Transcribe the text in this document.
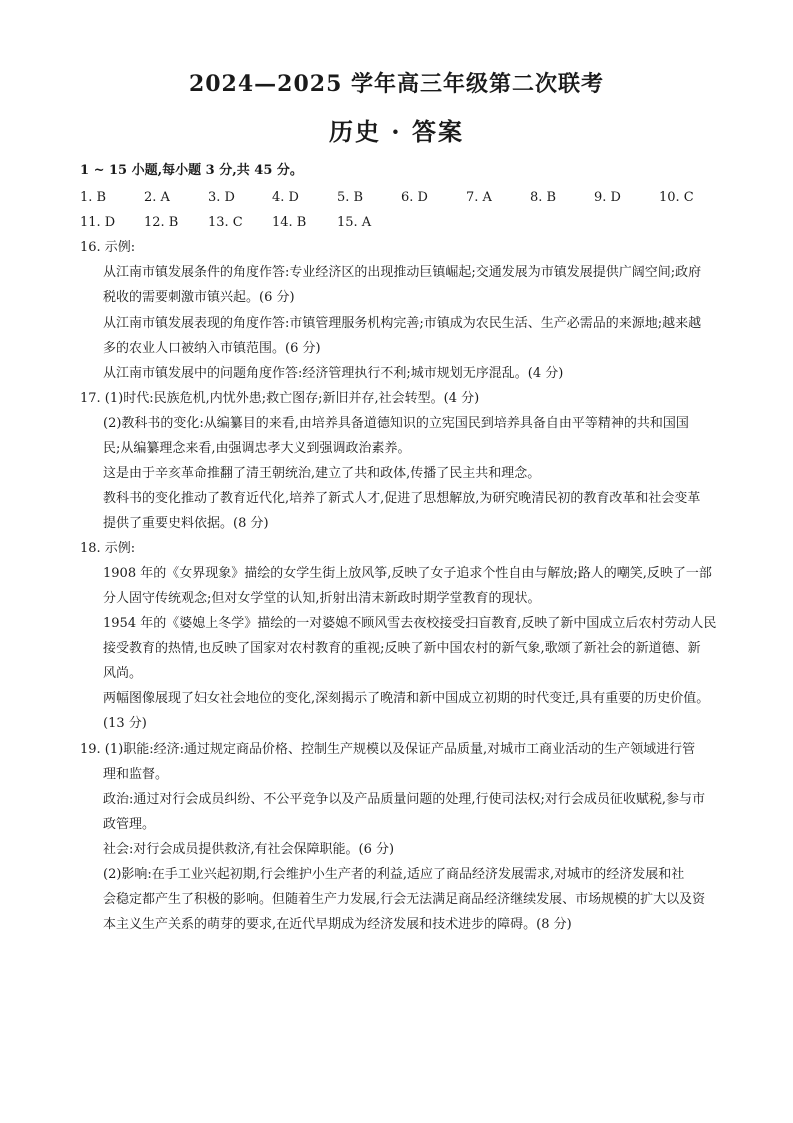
2024—2025 学年高三年级第二次联考
历史 · 答案
1 ~ 15 小题,每小题 3 分,共 45 分。
1. B	2. A	3. D	4. D	5. B	6. D	7. A	8. B	9. D	10. C
11. D 12. B 13. C 14. B 15. A
16. 示例:
从江南市镇发展条件的角度作答:专业经济区的出现推动巨镇崛起;交通发展为市镇发展提供广阔空间;政府
税收的需要刺激市镇兴起。(6 分)
从江南市镇发展表现的角度作答:市镇管理服务机构完善;市镇成为农民生活、生产必需品的来源地;越来越
多的农业人口被纳入市镇范围。(6 分)
从江南市镇发展中的问题角度作答:经济管理执行不利;城市规划无序混乱。(4 分)
17. (1)时代:民族危机,内忧外患;救亡图存;新旧并存,社会转型。(4 分)
(2)教科书的变化:从编纂目的来看,由培养具备道德知识的立宪国民到培养具备自由平等精神的共和国国
民;从编纂理念来看,由强调忠孝大义到强调政治素养。
这是由于辛亥革命推翻了清王朝统治,建立了共和政体,传播了民主共和理念。
教科书的变化推动了教育近代化,培养了新式人才,促进了思想解放,为研究晚清民初的教育改革和社会变革
提供了重要史料依据。(8 分)
18. 示例:
1908 年的《女界现象》描绘的女学生街上放风筝,反映了女子追求个性自由与解放;路人的嘲笑,反映了一部
分人固守传统观念;但对女学堂的认知,折射出清末新政时期学堂教育的现状。
1954 年的《婆媳上冬学》描绘的一对婆媳不顾风雪去夜校接受扫盲教育,反映了新中国成立后农村劳动人民
接受教育的热情,也反映了国家对农村教育的重视;反映了新中国农村的新气象,歌颂了新社会的新道德、新
风尚。
两幅图像展现了妇女社会地位的变化,深刻揭示了晚清和新中国成立初期的时代变迁,具有重要的历史价值。
(13 分)
19. (1)职能:经济:通过规定商品价格、控制生产规模以及保证产品质量,对城市工商业活动的生产领域进行管
理和监督。
政治:通过对行会成员纠纷、不公平竞争以及产品质量问题的处理,行使司法权;对行会成员征收赋税,参与市
政管理。
社会:对行会成员提供救济,有社会保障职能。(6 分)
(2)影响:在手工业兴起初期,行会维护小生产者的利益,适应了商品经济发展需求,对城市的经济发展和社
会稳定都产生了积极的影响。但随着生产力发展,行会无法满足商品经济继续发展、市场规模的扩大以及资
本主义生产关系的萌芽的要求,在近代早期成为经济发展和技术进步的障碍。(8 分)
